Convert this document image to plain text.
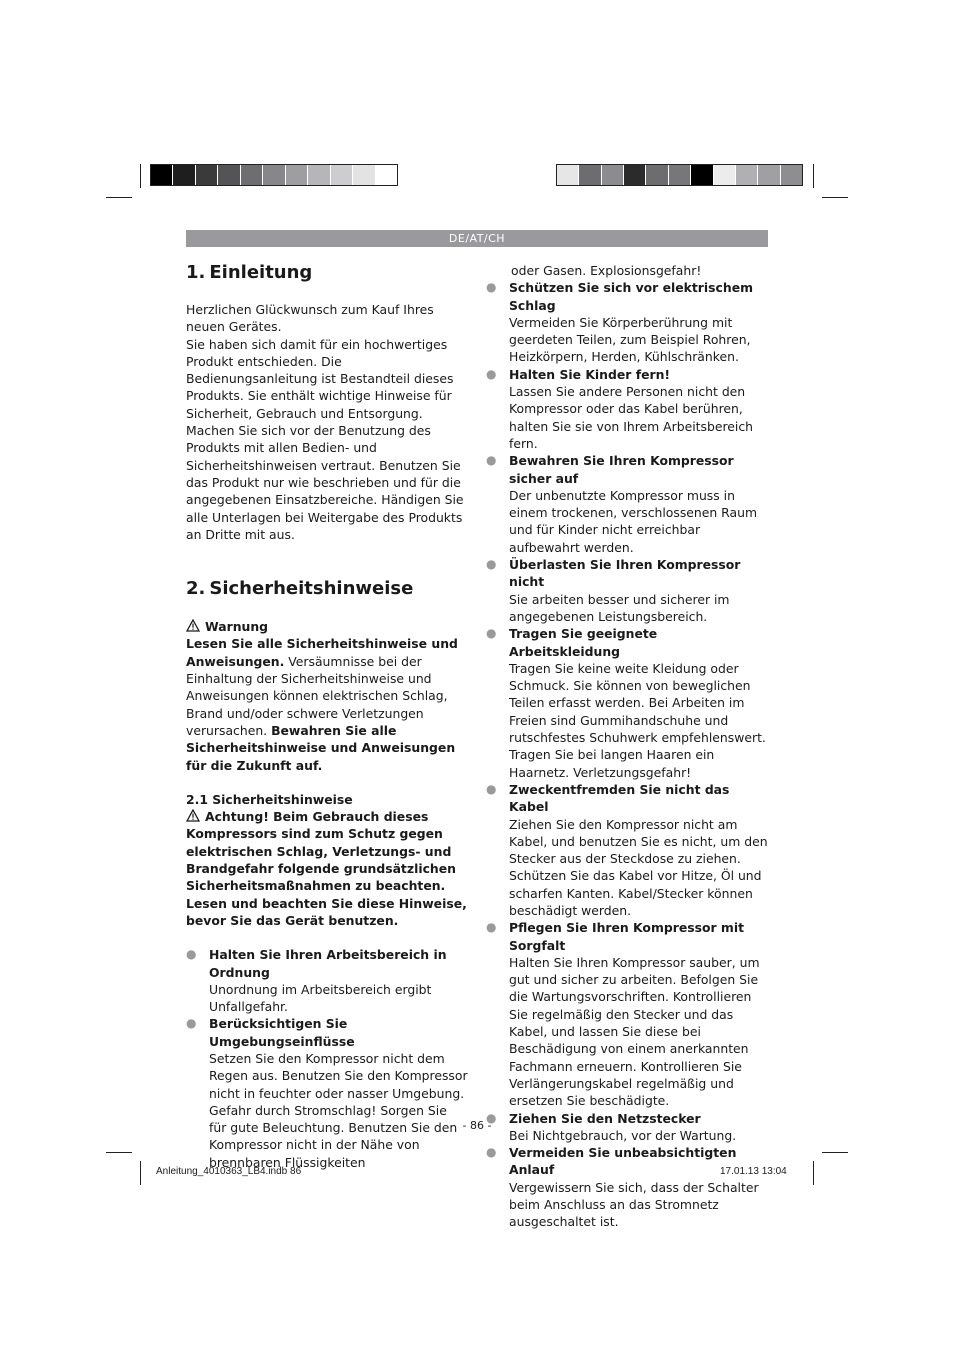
DE/AT/CH
1. Einleitung

Herzlichen Glückwunsch zum Kauf Ihres neuen Gerätes.

Sie haben sich damit für ein hochwertiges Produkt entschieden. Die Bedienungsanleitung ist Bestandteil dieses Produkts. Sie enthält wichtige Hinweise für Sicherheit, Gebrauch und Entsorgung. Machen Sie sich vor der Benutzung des Produkts mit allen Bedien- und Sicherheitshinweisen vertraut. Benutzen Sie das Produkt nur wie beschrieben und für die angegebenen Einsatzbereiche. Händigen Sie alle Unterlagen bei Weitergabe des Produkts an Dritte mit aus.

2. Sicherheitshinweise

Warnung

Lesen Sie alle Sicherheitshinweise und Anweisungen. Versäumnisse bei der Einhaltung der Sicherheitshinweise und Anweisungen können elektrischen Schlag, Brand und/oder schwere Verletzungen verursachen. Bewahren Sie alle Sicherheitshinweise und Anweisungen für die Zukunft auf.

2.1 Sicherheitshinweise

Achtung! Beim Gebrauch dieses Kompressors sind zum Schutz gegen elektrischen Schlag, Verletzungs- und Brandgefahr folgende grundsätzlichen Sicherheitsmaßnahmen zu beachten. Lesen und beachten Sie diese Hinweise, bevor Sie das Gerät benutzen.

● Halten Sie Ihren Arbeitsbereich in Ordnung
Unordnung im Arbeitsbereich ergibt Unfallgefahr.
● Berücksichtigen Sie Umgebungseinflüsse
Setzen Sie den Kompressor nicht dem Regen aus. Benutzen Sie den Kompressor nicht in feuchter oder nasser Umgebung. Gefahr durch Stromschlag! Sorgen Sie für gute Beleuchtung. Benutzen Sie den Kompressor nicht in der Nähe von brennbaren Flüssigkeiten

oder Gasen. Explosionsgefahr!

● Schützen Sie sich vor elektrischem Schlag
Vermeiden Sie Körperberührung mit geerdeten Teilen, zum Beispiel Rohren, Heizkörpern, Herden, Kühlschränken.
● Halten Sie Kinder fern!
Lassen Sie andere Personen nicht den Kompressor oder das Kabel berühren, halten Sie sie von Ihrem Arbeitsbereich fern.
● Bewahren Sie Ihren Kompressor sicher auf
Der unbenutzte Kompressor muss in einem trockenen, verschlossenen Raum und für Kinder nicht erreichbar aufbewahrt werden.
● Überlasten Sie Ihren Kompressor nicht
Sie arbeiten besser und sicherer im angegebenen Leistungsbereich.
● Tragen Sie geeignete Arbeitskleidung
Tragen Sie keine weite Kleidung oder Schmuck. Sie können von beweglichen Teilen erfasst werden. Bei Arbeiten im Freien sind Gummihandschuhe und rutschfestes Schuhwerk empfehlenswert. Tragen Sie bei langen Haaren ein Haarnetz. Verletzungsgefahr!
● Zweckentfremden Sie nicht das Kabel
Ziehen Sie den Kompressor nicht am Kabel, und benutzen Sie es nicht, um den Stecker aus der Steckdose zu ziehen. Schützen Sie das Kabel vor Hitze, Öl und scharfen Kanten. Kabel/Stecker können beschädigt werden.
● Pflegen Sie Ihren Kompressor mit Sorgfalt
Halten Sie Ihren Kompressor sauber, um gut und sicher zu arbeiten. Befolgen Sie die Wartungsvorschriften. Kontrollieren Sie regelmäßig den Stecker und das Kabel, und lassen Sie diese bei Beschädigung von einem anerkannten Fachmann erneuern. Kontrollieren Sie Verlängerungskabel regelmäßig und ersetzen Sie beschädigte.
● Ziehen Sie den Netzstecker
Bei Nichtgebrauch, vor der Wartung.
● Vermeiden Sie unbeabsichtigten Anlauf
Vergewissern Sie sich, dass der Schalter beim Anschluss an das Stromnetz ausgeschaltet ist.
- 86 -
Anleitung_4010363_LB4.indb 86	17.01.13 13:04
